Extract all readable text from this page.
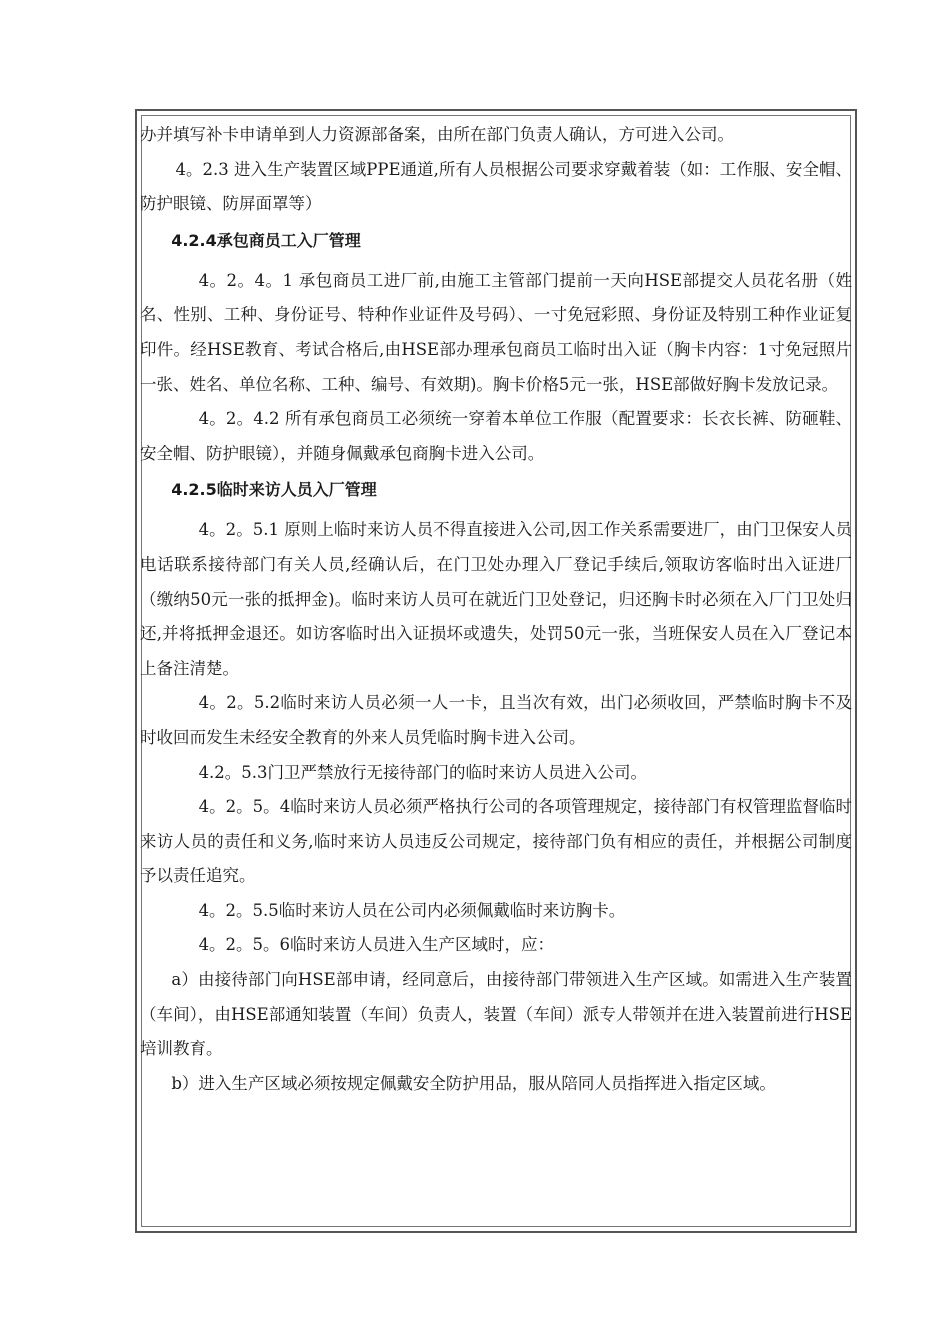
办并填写补卡申请单到人力资源部备案，由所在部门负责人确认，方可进入公司。

4。2.3 进入生产装置区域PPE通道,所有人员根据公司要求穿戴着装（如：工作服、安全帽、防护眼镜、防屏面罩等）

4.2.4承包商员工入厂管理

4。2。4。1 承包商员工进厂前,由施工主管部门提前一天向HSE部提交人员花名册（姓名、性别、工种、身份证号、特种作业证件及号码）、一寸免冠彩照、身份证及特别工种作业证复印件。经HSE教育、考试合格后,由HSE部办理承包商员工临时出入证（胸卡内容：1寸免冠照片一张、姓名、单位名称、工种、编号、有效期)。胸卡价格5元一张，HSE部做好胸卡发放记录。

4。2。4.2 所有承包商员工必须统一穿着本单位工作服（配置要求：长衣长裤、防砸鞋、安全帽、防护眼镜），并随身佩戴承包商胸卡进入公司。

4.2.5临时来访人员入厂管理

4。2。5.1 原则上临时来访人员不得直接进入公司,因工作关系需要进厂，由门卫保安人员电话联系接待部门有关人员,经确认后，在门卫处办理入厂登记手续后,领取访客临时出入证进厂（缴纳50元一张的抵押金)。临时来访人员可在就近门卫处登记，归还胸卡时必须在入厂门卫处归还,并将抵押金退还。如访客临时出入证损坏或遗失，处罚50元一张，当班保安人员在入厂登记本上备注清楚。

4。2。5.2临时来访人员必须一人一卡，且当次有效，出门必须收回，严禁临时胸卡不及时收回而发生未经安全教育的外来人员凭临时胸卡进入公司。

4.2。5.3门卫严禁放行无接待部门的临时来访人员进入公司。

4。2。5。4临时来访人员必须严格执行公司的各项管理规定，接待部门有权管理监督临时来访人员的责任和义务,临时来访人员违反公司规定，接待部门负有相应的责任，并根据公司制度予以责任追究。

4。2。5.5临时来访人员在公司内必须佩戴临时来访胸卡。

4。2。5。6临时来访人员进入生产区域时，应：

a）由接待部门向HSE部申请，经同意后，由接待部门带领进入生产区域。如需进入生产装置（车间），由HSE部通知装置（车间）负责人，装置（车间）派专人带领并在进入装置前进行HSE培训教育。

b）进入生产区域必须按规定佩戴安全防护用品，服从陪同人员指挥进入指定区域。
